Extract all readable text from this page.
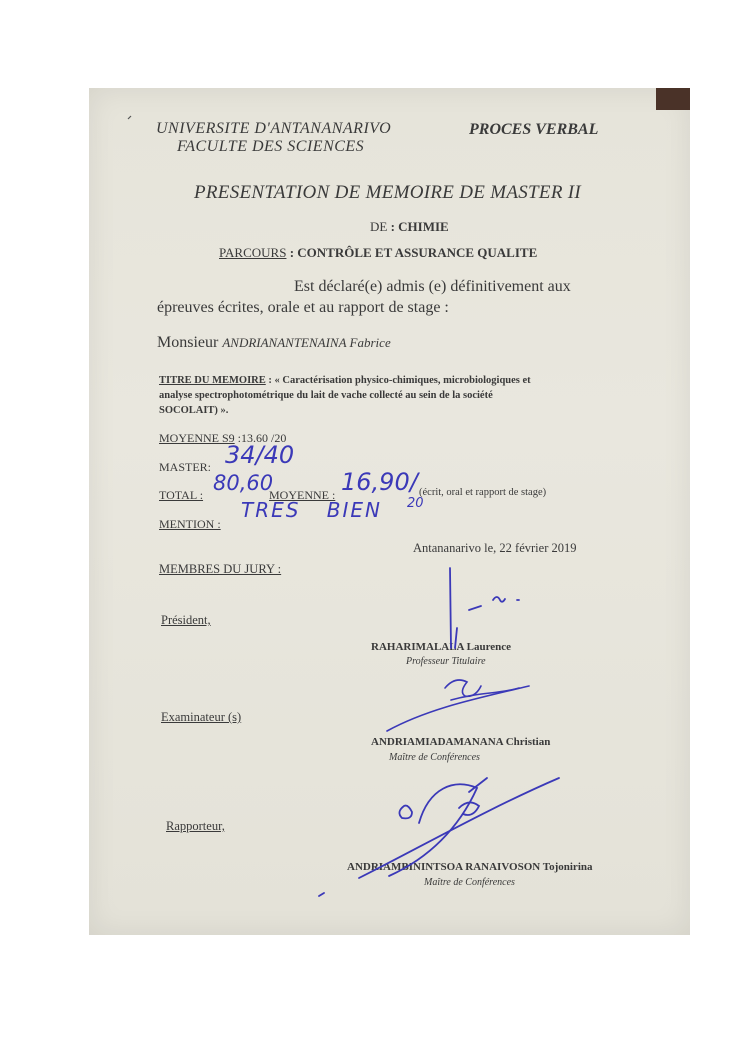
UNIVERSITE D'ANTANANARIVO
FACULTE DES SCIENCES
PROCES VERBAL
PRESENTATION DE MEMOIRE DE MASTER II
DE : CHIMIE
PARCOURS : CONTRÔLE ET ASSURANCE QUALITE
Est déclaré(e) admis (e) définitivement aux
épreuves écrites, orale et au rapport de stage :
Monsieur ANDRIANANTENAINA Fabrice
TITRE DU MEMOIRE : « Caractérisation physico-chimiques, microbiologiques et
analyse spectrophotométrique du lait de vache collecté au sein de la société
SOCOLAIT) ».
MOYENNE S9 :13.60 /20
MASTER: 34/40
TOTAL : 80,60
MOYENNE : 16,90/
20
(écrit, oral et rapport de stage)
MENTION :
TRES BIEN
Antananarivo le, 22 février 2019
MEMBRES DU JURY :
Président,
RAHARIMALALA Laurence
Professeur Titulaire
Examinateur (s)
ANDRIAMIADAMANANA Christian
Maître de Conférences
Rapporteur,
ANDRIAMBININTSOA RANAIVOSON Tojonirina
Maître de Conférences
